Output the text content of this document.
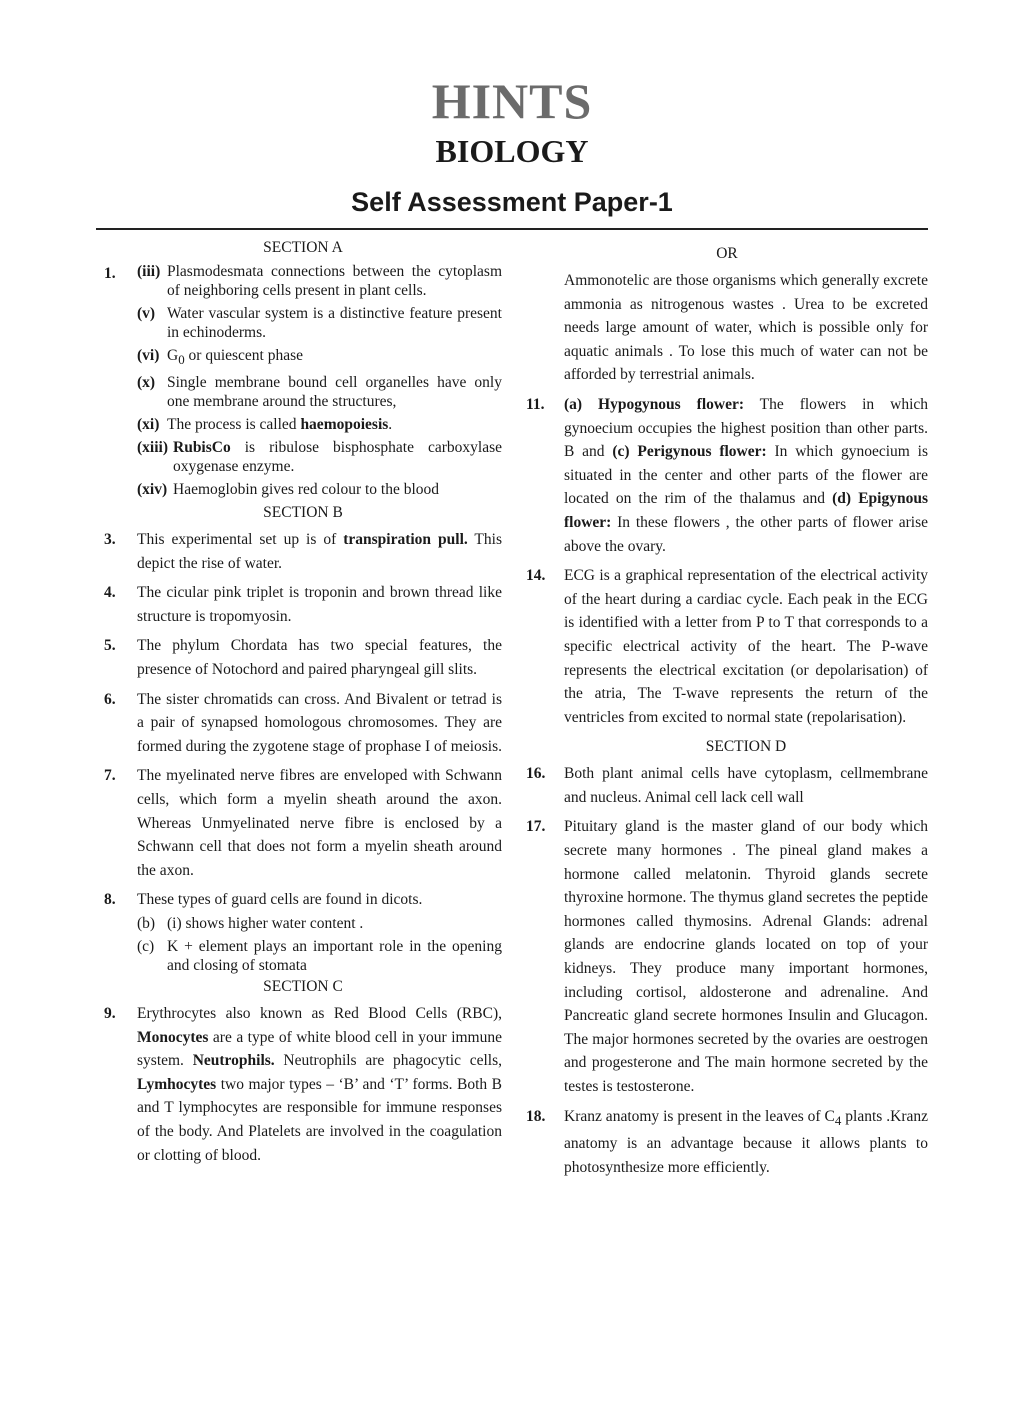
HINTS
BIOLOGY
Self Assessment Paper-1

SECTION A

1. (iii) Plasmodesmata connections between the cytoplasm of neighboring cells present in plant cells.
(v) Water vascular system is a distinctive feature present in echinoderms.
(vi) $G_0$ or quiescent phase
(x) Single membrane bound cell organelles have only one membrane around the structures,
(xi) The process is called haemopoiesis.
(xiii) RubisCo is ribulose bisphosphate carboxylase oxygenase enzyme.
(xiv) Haemoglobin gives red colour to the blood

SECTION B

3. This experimental set up is of transpiration pull. This depict the rise of water.
4. The cicular pink triplet is troponin and brown thread like structure is tropomyosin.
5. The phylum Chordata has two special features, the presence of Notochord and paired pharyngeal gill slits.
6. The sister chromatids can cross. And Bivalent or tetrad is a pair of synapsed homologous chromosomes. They are formed during the zygotene stage of prophase I of meiosis.
7. The myelinated nerve fibres are enveloped with Schwann cells, which form a myelin sheath around the axon. Whereas Unmyelinated nerve fibre is enclosed by a Schwann cell that does not form a myelin sheath around the axon.
8. These types of guard cells are found in dicots.

(b) (i) shows higher water content .
(c) K + element plays an important role in the opening and closing of stomata

SECTION C

9. Erythrocytes also known as Red Blood Cells (RBC), Monocytes are a type of white blood cell in your immune system. Neutrophils. Neutrophils are phagocytic cells, Lymhocytes two major types – ‘B’ and ‘T’ forms. Both B and T lymphocytes are responsible for immune responses of the body. And Platelets are involved in the coagulation or clotting of blood.

OR

Ammonotelic are those organisms which generally excrete ammonia as nitrogenous wastes . Urea to be excreted needs large amount of water, which is possible only for aquatic animals . To lose this much of water can not be afforded by terrestrial animals.

11. (a) Hypogynous flower: The flowers in which gynoecium occupies the highest position than other parts. B and (c) Perigynous flower: In which gynoecium is situated in the center and other parts of the flower are located on the rim of the thalamus and (d) Epigynous flower: In these flowers , the other parts of flower arise above the ovary.
14. ECG is a graphical representation of the electrical activity of the heart during a cardiac cycle. Each peak in the ECG is identified with a letter from P to T that corresponds to a specific electrical activity of the heart. The P-wave represents the electrical excitation (or depolarisation) of the atria, The T-wave represents the return of the ventricles from excited to normal state (repolarisation).

SECTION D

16. Both plant animal cells have cytoplasm, cellmembrane and nucleus. Animal cell lack cell wall
17. Pituitary gland is the master gland of our body which secrete many hormones . The pineal gland makes a hormone called melatonin. Thyroid glands secrete thyroxine hormone. The thymus gland secretes the peptide hormones called thymosins. Adrenal Glands: adrenal glands are endocrine glands located on top of your kidneys. They produce many important hormones, including cortisol, aldosterone and adrenaline. And Pancreatic gland secrete hormones Insulin and Glucagon. The major hormones secreted by the ovaries are oestrogen and progesterone and The main hormone secreted by the testes is testosterone.
18. Kranz anatomy is present in the leaves of $C_4$ plants .Kranz anatomy is an advantage because it allows plants to photosynthesize more efficiently.
